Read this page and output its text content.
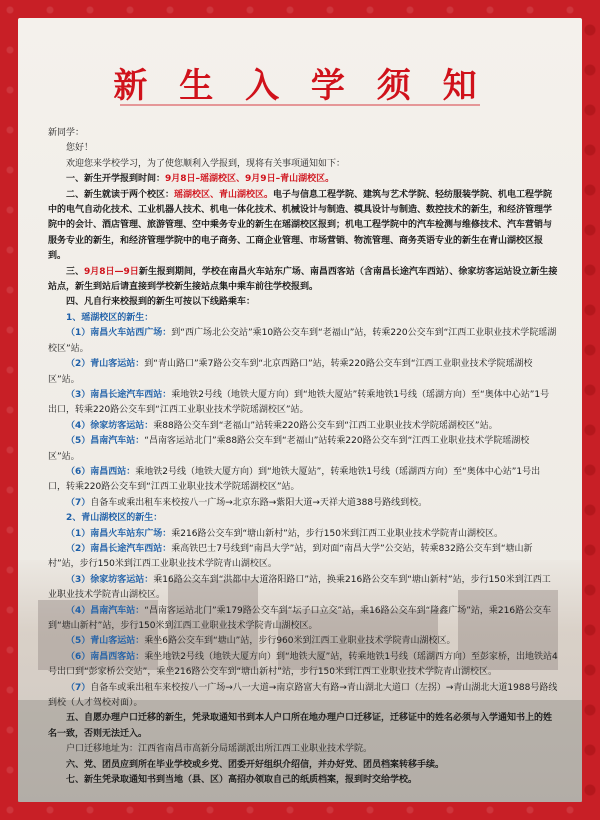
新 生 入 学 须 知

新同学：

您好！

欢迎您来学校学习，为了使您顺利入学报到，现将有关事项通知如下：

一、新生开学报到时间：9月8日–瑶湖校区、9月9日–青山湖校区。

二、新生就读于两个校区：瑶湖校区、青山湖校区。电子与信息工程学院、建筑与艺术学院、轻纺服装学院、机电工程学院中的电气自动化技术、工业机器人技术、机电一体化技术、机械设计与制造、模具设计与制造、数控技术的新生，和经济管理学院中的会计、酒店管理、旅游管理、空中乘务专业的新生在瑶湖校区报到；机电工程学院中的汽车检测与维修技术、汽车营销与服务专业的新生，和经济管理学院中的电子商务、工商企业管理、市场营销、物流管理、商务英语专业的新生在青山湖校区报到。

三、9月8日—9日新生报到期间，学校在南昌火车站东广场、南昌西客站（含南昌长途汽车西站）、徐家坊客运站设立新生接站点，新生到站后请直接到学校新生接站点集中乘车前往学校报到。

四、凡自行来校报到的新生可按以下线路乘车：

1、瑶湖校区的新生：

（1）南昌火车站西广场：到“西广场北公交站”乘10路公交车到“老福山”站，转乘220公交车到“江西工业职业技术学院瑶湖校区”站。

（2）青山客运站：到“青山路口”乘7路公交车到“北京西路口”站，转乘220路公交车到“江西工业职业技术学院瑶湖校区”站。

（3）南昌长途汽车西站：乘地铁2号线（地铁大厦方向）到“地铁大厦站”转乘地铁1号线（瑶湖方向）至“奥体中心站”1号出口，转乘220路公交车到“江西工业职业技术学院瑶湖校区”站。

（4）徐家坊客运站：乘88路公交车到“老福山”站转乘220路公交车到“江西工业职业技术学院瑶湖校区”站。

（5）昌南汽车站：“昌南客运站北门”乘88路公交车到“老福山”站转乘220路公交车到“江西工业职业技术学院瑶湖校区”站。

（6）南昌西站：乘地铁2号线（地铁大厦方向）到“地铁大厦站”，转乘地铁1号线（瑶湖西方向）至“奥体中心站”1号出口，转乘220路公交车到“江西工业职业技术学院瑶湖校区”站。

（7）自备车或乘出租车来校按八一广场→北京东路→紫阳大道→天祥大道388号路线到校。

2、青山湖校区的新生：

（1）南昌火车站东广场：乘216路公交车到“塘山新村”站，步行150米到江西工业职业技术学院青山湖校区。

（2）南昌长途汽车西站：乘高铁巴士7号线到“南昌大学”站，到对面“南昌大学”公交站，转乘832路公交车到“塘山新村”站，步行150米到江西工业职业技术学院青山湖校区。

（3）徐家坊客运站：乘16路公交车到“洪都中大道洛阳路口”站，换乘216路公交车到“塘山新村”站，步行150米到江西工业职业技术学院青山湖校区。

（4）昌南汽车站：“昌南客运站北门”乘179路公交车到“坛子口立交”站，乘16路公交车到“隆鑫广场”站，乘216路公交车到“塘山新村”站，步行150米到江西工业职业技术学院青山湖校区。

（5）青山客运站：乘坐6路公交车到“塘山”站，步行960米到江西工业职业技术学院青山湖校区。

（6）南昌西客站：乘坐地铁2号线（地铁大厦方向）到“地铁大厦”站，转乘地铁1号线（瑶湖西方向）至彭家桥，出地铁站4号出口到“彭家桥公交站”，乘坐216路公交车到“塘山新村”站，步行150米到江西工业职业技术学院青山湖校区。

（7）自备车或乘出租车来校按八一广场→八一大道→南京路富大有路→青山湖北大道口（左拐）→青山湖北大道1988号路线到校（人才驾校对面）。

五、自愿办理户口迁移的新生，凭录取通知书到本人户口所在地办理户口迁移证，迁移证中的姓名必须与入学通知书上的姓名一致，否则无法迁入。

户口迁移地址为：江西省南昌市高新分局瑶湖派出所江西工业职业技术学院。

六、党、团员应到所在毕业学校或乡党、团委开好组织介绍信，并办好党、团员档案转移手续。

七、新生凭录取通知书到当地（县、区）高招办领取自己的纸质档案，报到时交给学校。
